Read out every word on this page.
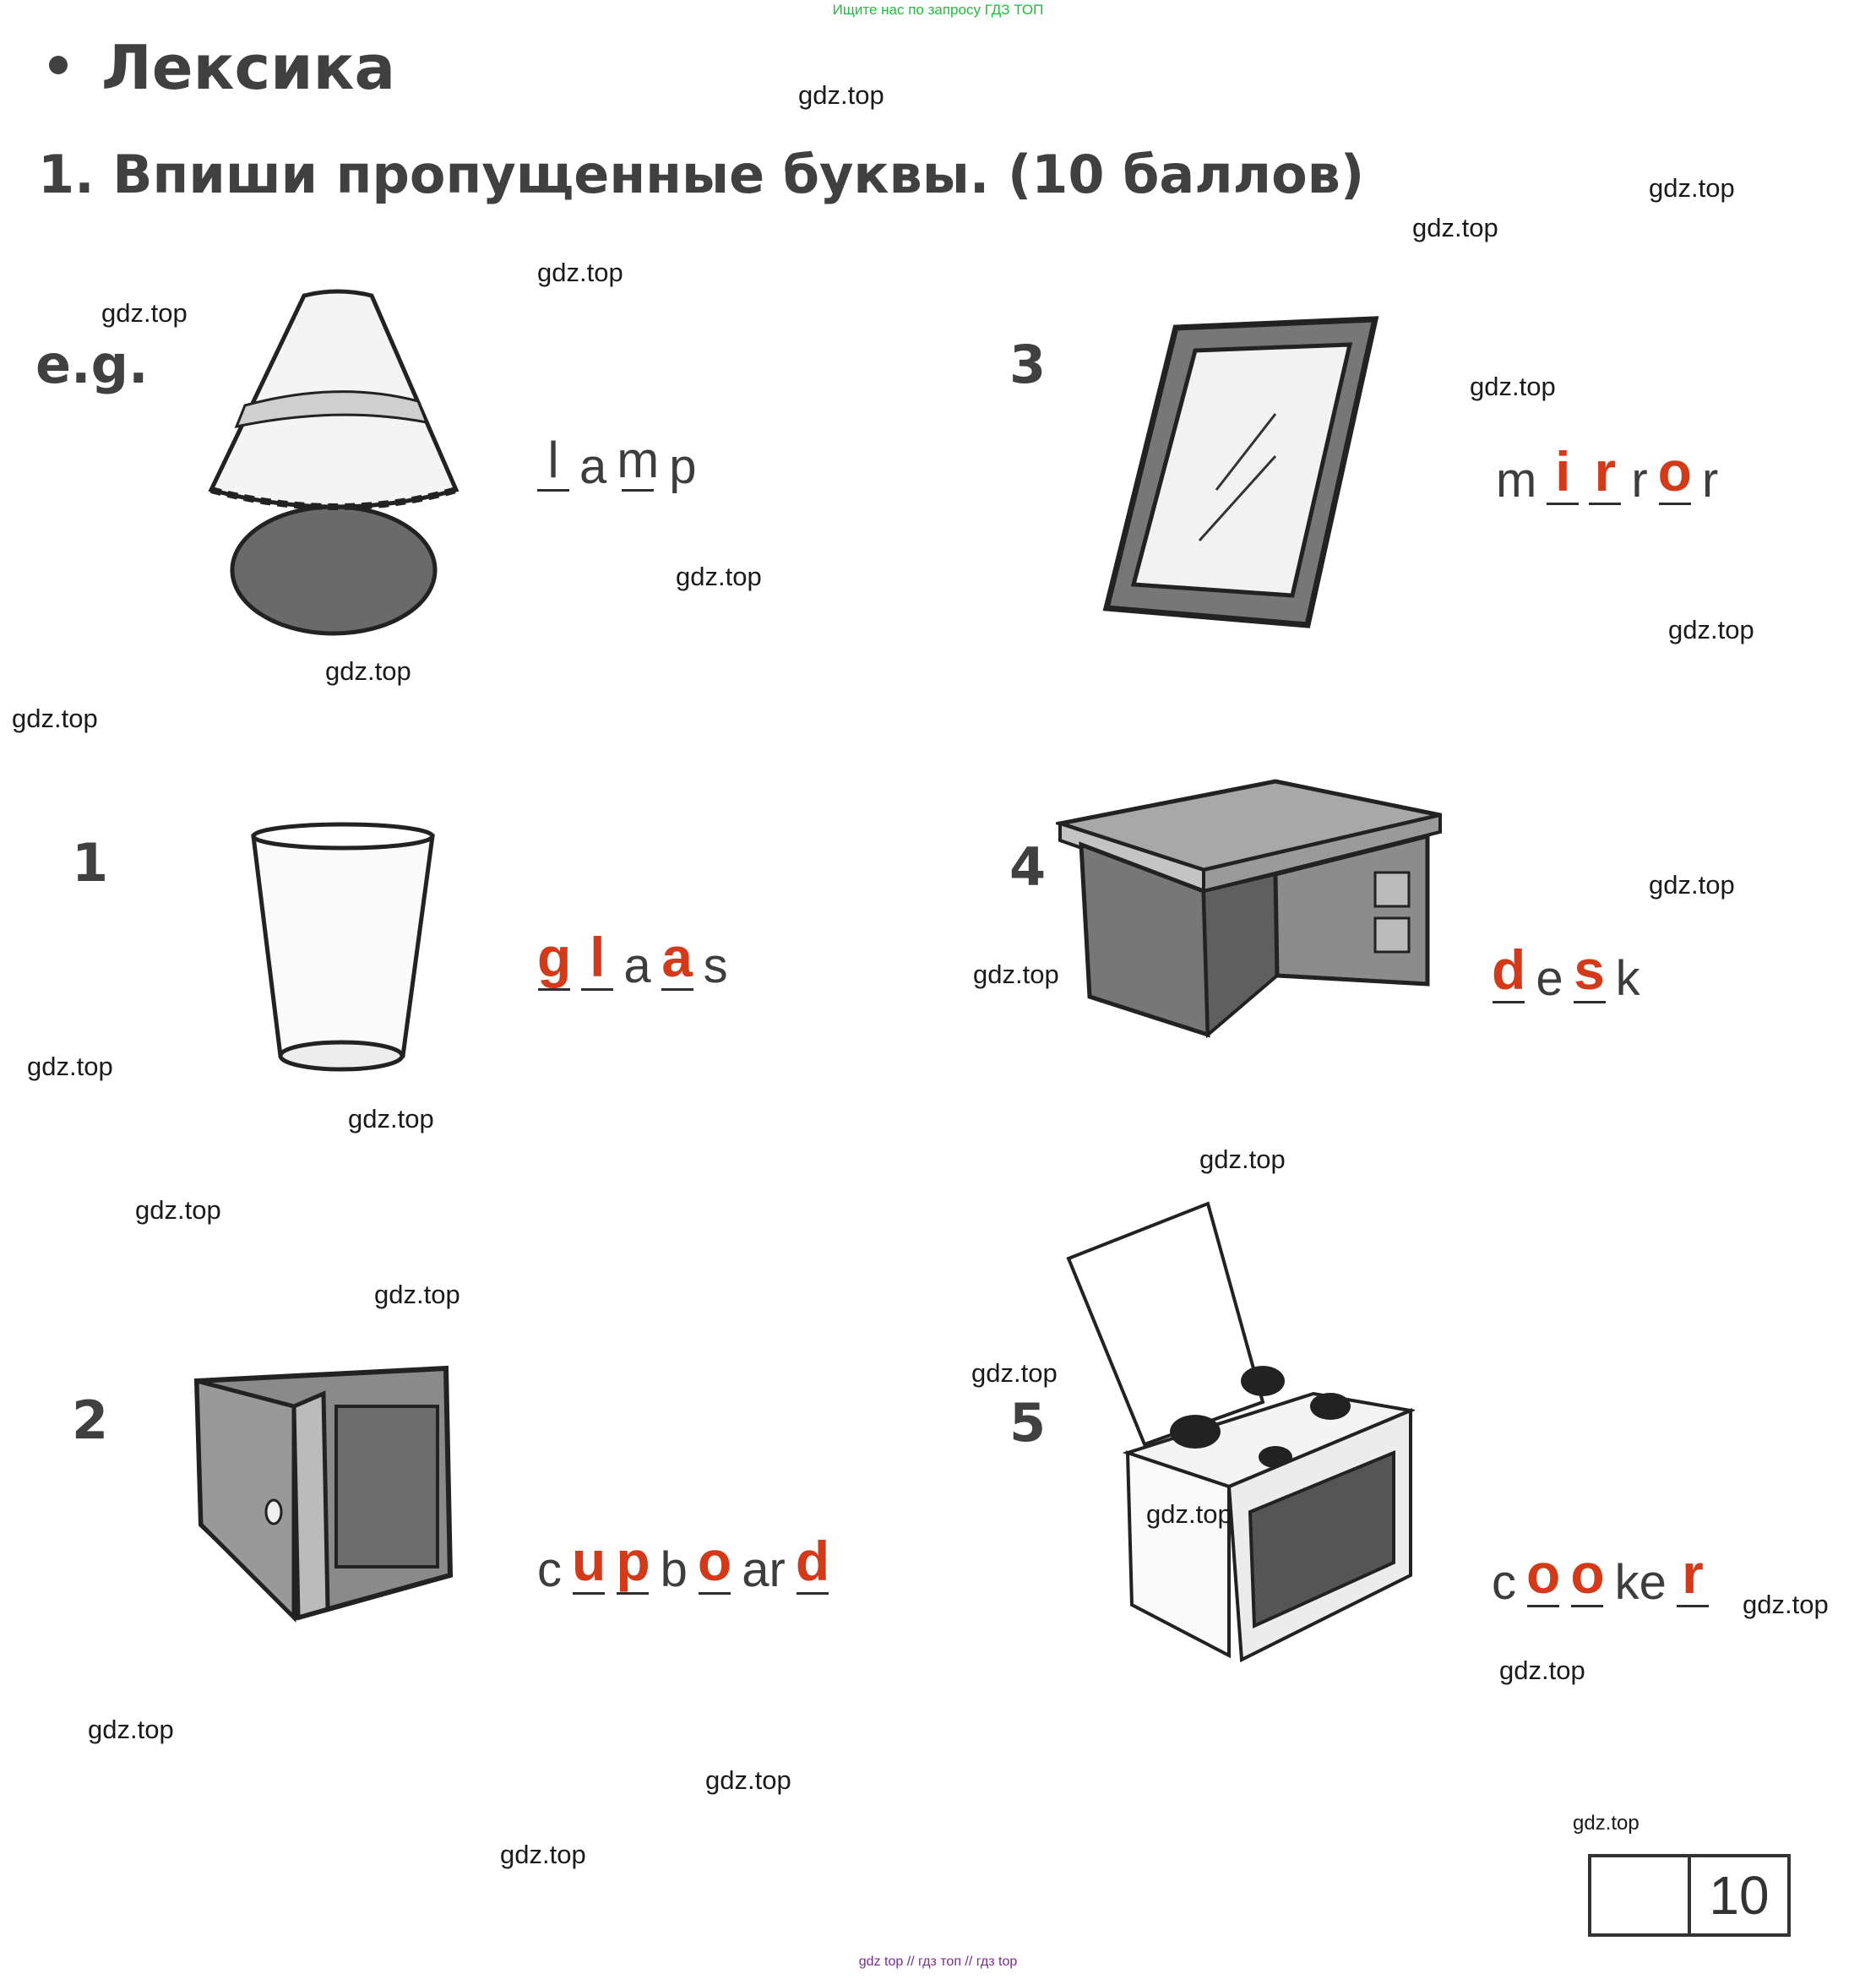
Ищите нас по запросу ГДЗ ТОП
Лексика
1. Впиши пропущенные буквы. (10 баллов)
e.g.
1
2
3
4
5
l a m p
g l a a s
c u p b o ar d
m i r r o r
d e s k
c o o ke r
gdz.top
gdz.top
gdz.top
gdz.top
gdz.top
gdz.top
gdz.top
gdz.top
gdz.top
gdz.top
gdz.top
gdz.top
gdz.top
gdz.top
gdz.top
gdz.top
gdz.top
gdz.top
gdz.top
gdz.top
gdz.top
gdz.top
gdz.top
gdz.top
gdz.top
10
gdz top // гдз топ // гдз top
